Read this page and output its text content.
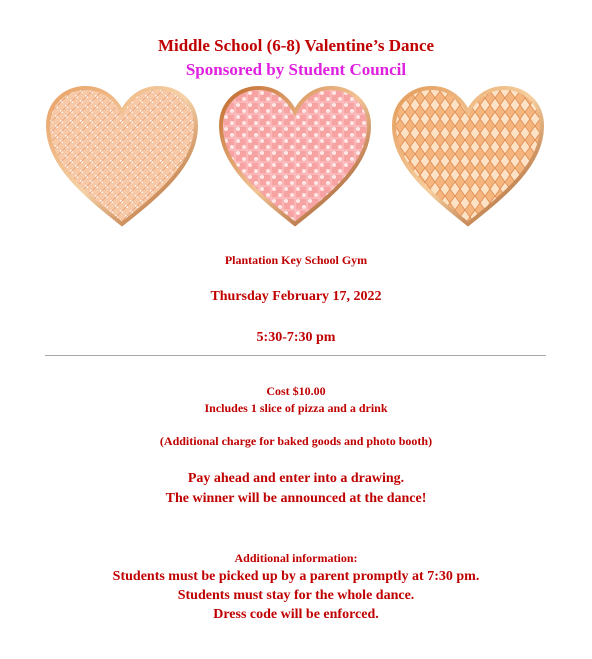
Middle School (6-8) Valentine’s Dance
Sponsored by Student Council
Plantation Key School Gym
Thursday February 17, 2022
5:30-7:30 pm
Cost $10.00
Includes 1 slice of pizza and a drink
(Additional charge for baked goods and photo booth)
Pay ahead and enter into a drawing.
The winner will be announced at the dance!
Additional information:
Students must be picked up by a parent promptly at 7:30 pm.
Students must stay for the whole dance.
Dress code will be enforced.
